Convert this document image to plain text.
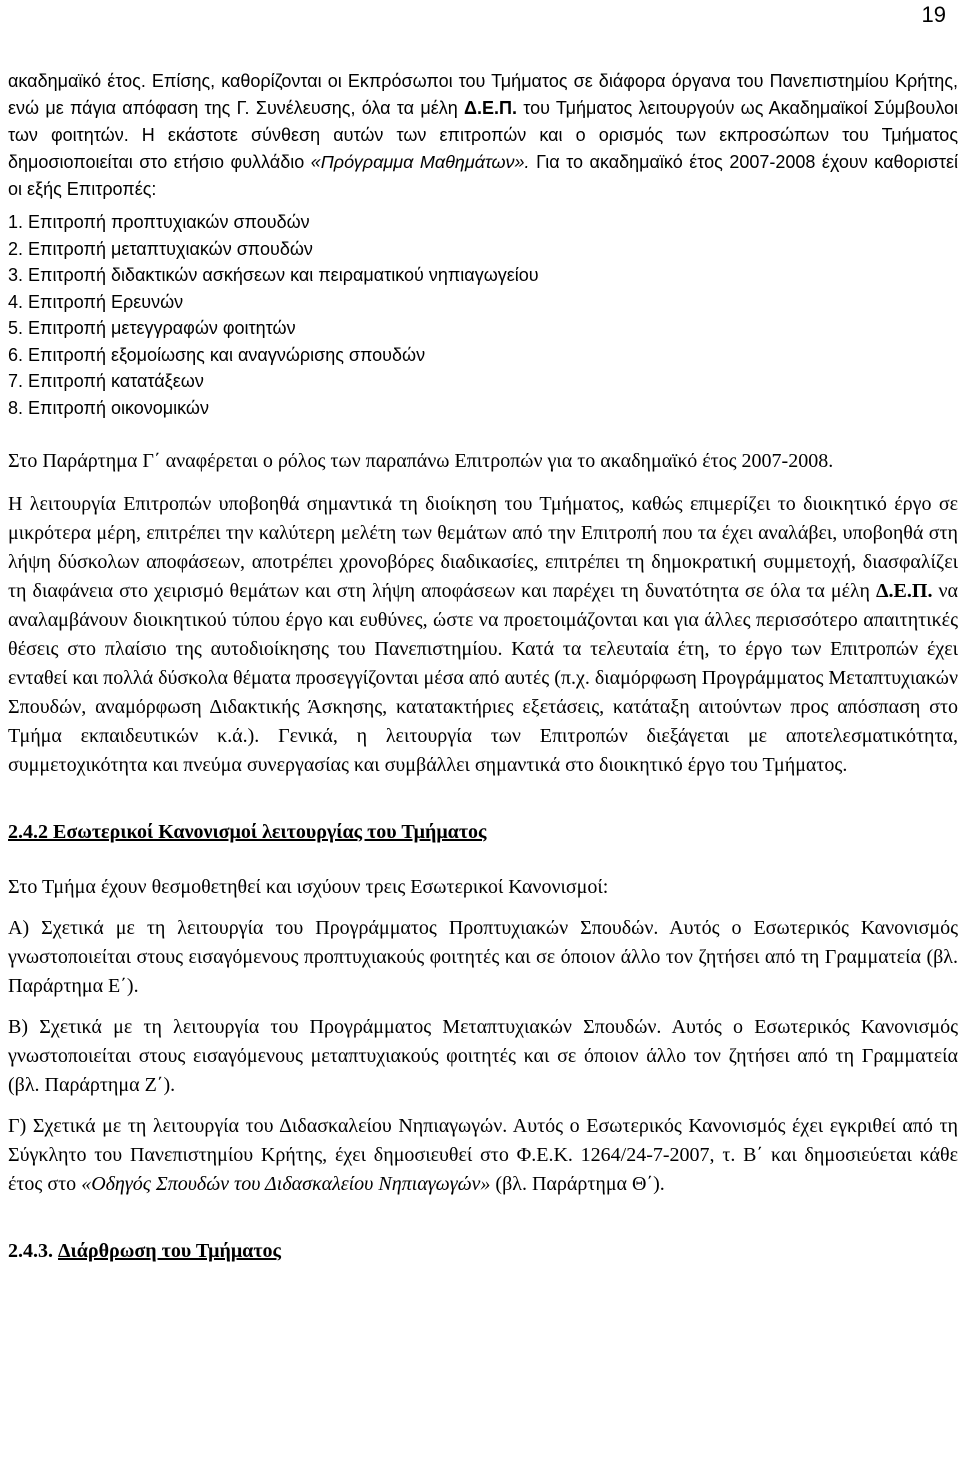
19

ακαδημαϊκό έτος. Επίσης, καθορίζονται οι Εκπρόσωποι του Τμήματος σε διάφορα όργανα του Πανεπιστημίου Κρήτης, ενώ με πάγια απόφαση της Γ. Συνέλευσης, όλα τα μέλη Δ.Ε.Π. του Τμήματος λειτουργούν ως Ακαδημαϊκοί Σύμβουλοι των φοιτητών. Η εκάστοτε σύνθεση αυτών των επιτροπών και ο ορισμός των εκπροσώπων του Τμήματος δημοσιοποιείται στο ετήσιο φυλλάδιο «Πρόγραμμα Μαθημάτων». Για το ακαδημαϊκό έτος 2007-2008 έχουν καθοριστεί οι εξής Επιτροπές:

1. Επιτροπή προπτυχιακών σπουδών
2. Επιτροπή μεταπτυχιακών σπουδών
3. Επιτροπή διδακτικών ασκήσεων και πειραματικού νηπιαγωγείου
4. Επιτροπή Ερευνών
5. Επιτροπή μετεγγραφών φοιτητών
6. Επιτροπή εξομοίωσης και αναγνώρισης σπουδών
7. Επιτροπή κατατάξεων
8. Επιτροπή οικονομικών

Στο Παράρτημα Γ΄ αναφέρεται ο ρόλος των παραπάνω Επιτροπών για το ακαδημαϊκό έτος 2007-2008.

Η λειτουργία Επιτροπών υποβοηθά σημαντικά τη διοίκηση του Τμήματος, καθώς επιμερίζει το διοικητικό έργο σε μικρότερα μέρη, επιτρέπει την καλύτερη μελέτη των θεμάτων από την Επιτροπή που τα έχει αναλάβει, υποβοηθά στη λήψη δύσκολων αποφάσεων, αποτρέπει χρονοβόρες διαδικασίες, επιτρέπει τη δημοκρατική συμμετοχή, διασφαλίζει τη διαφάνεια στο χειρισμό θεμάτων και στη λήψη αποφάσεων και παρέχει τη δυνατότητα σε όλα τα μέλη Δ.Ε.Π. να αναλαμβάνουν διοικητικού τύπου έργο και ευθύνες, ώστε να προετοιμάζονται και για άλλες περισσότερο απαιτητικές θέσεις στο πλαίσιο της αυτοδιοίκησης του Πανεπιστημίου. Κατά τα τελευταία έτη, το έργο των Επιτροπών έχει ενταθεί και πολλά δύσκολα θέματα προσεγγίζονται μέσα από αυτές (π.χ. διαμόρφωση Προγράμματος Μεταπτυχιακών Σπουδών, αναμόρφωση Διδακτικής Άσκησης, κατατακτήριες εξετάσεις, κατάταξη αιτούντων προς απόσπαση στο Τμήμα εκπαιδευτικών κ.ά.). Γενικά, η λειτουργία των Επιτροπών διεξάγεται με αποτελεσματικότητα, συμμετοχικότητα και πνεύμα συνεργασίας και συμβάλλει σημαντικά στο διοικητικό έργο του Τμήματος.

2.4.2 Εσωτερικοί Κανονισμοί λειτουργίας του Τμήματος

Στο Τμήμα έχουν θεσμοθετηθεί και ισχύουν τρεις Εσωτερικοί Κανονισμοί:

Α) Σχετικά με τη λειτουργία του Προγράμματος Προπτυχιακών Σπουδών. Αυτός ο Εσωτερικός Κανονισμός γνωστοποιείται στους εισαγόμενους προπτυχιακούς φοιτητές και σε όποιον άλλο τον ζητήσει από τη Γραμματεία (βλ. Παράρτημα Ε΄).

Β) Σχετικά με τη λειτουργία του Προγράμματος Μεταπτυχιακών Σπουδών. Αυτός ο Εσωτερικός Κανονισμός γνωστοποιείται στους εισαγόμενους μεταπτυχιακούς φοιτητές και σε όποιον άλλο τον ζητήσει από τη Γραμματεία (βλ. Παράρτημα Ζ΄).

Γ) Σχετικά με τη λειτουργία του Διδασκαλείου Νηπιαγωγών. Αυτός ο Εσωτερικός Κανονισμός έχει εγκριθεί από τη Σύγκλητο του Πανεπιστημίου Κρήτης, έχει δημοσιευθεί στο Φ.Ε.Κ. 1264/24-7-2007, τ. Β΄ και δημοσιεύεται κάθε έτος στο «Οδηγός Σπουδών του Διδασκαλείου Νηπιαγωγών» (βλ. Παράρτημα Θ΄).

2.4.3. Διάρθρωση του Τμήματος
